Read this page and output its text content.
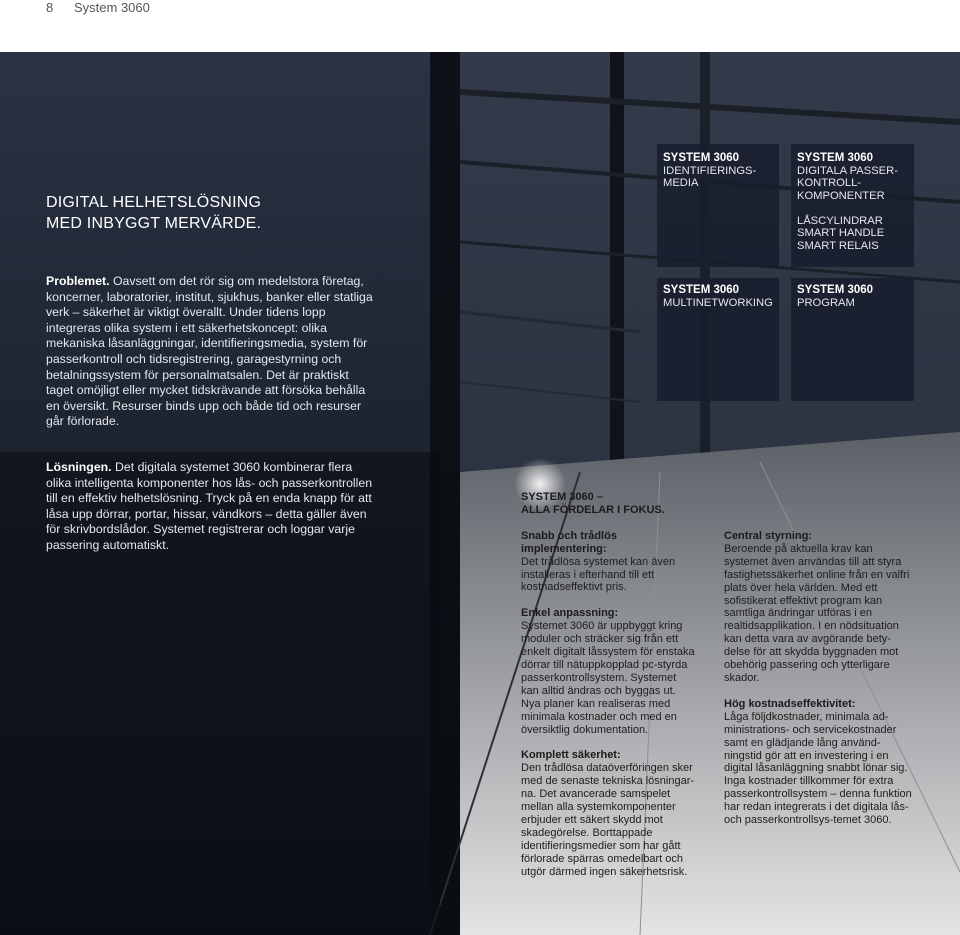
8 System 3060
DIGITAL HELHETSLÖSNING
MED INBYGGT MERVÄRDE.
Problemet. Oavsett om det rör sig om medelstora företag, koncerner, laboratorier, institut, sjukhus, banker eller statliga verk – säkerhet är viktigt överallt. Under tidens lopp integreras olika system i ett säkerhetskoncept: olika mekaniska låsanläggningar, identifieringsmedia, system för passerkontroll och tidsregistrering, garagestyrning och betalningssystem för personalmatsalen. Det är praktiskt taget omöjligt eller mycket tidskrävande att försöka behålla en översikt. Resurser binds upp och både tid och resurser går förlorade.
Lösningen. Det digitala systemet 3060 kombinerar flera olika intelligenta komponenter hos lås- och passerkontrollen till en effektiv helhetslösning. Tryck på en enda knapp för att låsa upp dörrar, portar, hissar, vändkors – detta gäller även för skrivbordslådor. Systemet registrerar och loggar varje passering automatiskt.
SYSTEM 3060
IDENTIFIERINGS-
MEDIA
SYSTEM 3060
DIGITALA PASSER-
KONTROLL-
KOMPONENTER
LÅSCYLINDRAR
SMART HANDLE
SMART RELAIS
SYSTEM 3060
MULTINETWORKING
SYSTEM 3060
PROGRAM
SYSTEM 3060 –
ALLA FÖRDELAR I FOKUS.

Snabb och trådlös implementering:
Det trådlösa systemet kan även installeras i efterhand till ett kostnadseffektivt pris.

Enkel anpassning:
Systemet 3060 är uppbyggt kring moduler och sträcker sig från ett enkelt digitalt låssystem för enstaka dörrar till nätuppkopplad pc-styrda passerkontrollsystem. Systemet kan alltid ändras och byggas ut. Nya planer kan realiseras med minimala kostnader och med en översiktlig dokumentation.

Komplett säkerhet:
Den trådlösa dataöverföringen sker med de senaste tekniska lösningar-na. Det avancerade samspelet mellan alla systemkomponenter erbjuder ett säkert skydd mot skadegörelse. Borttappade identifieringsmedier som har gått förlorade spärras omedelbart och utgör därmed ingen säkerhetsrisk.

Central styrning:
Beroende på aktuella krav kan systemet även användas till att styra fastighetssäkerhet online från en valfri plats över hela världen. Med ett sofistikerat effektivt program kan samtliga ändringar utföras i en realtidsapplikation. I en nödsituation kan detta vara av avgörande bety-delse för att skydda byggnaden mot obehörig passering och ytterligare skador.

Hög kostnadseffektivitet:
Låga följdkostnader, minimala ad-ministrations- och servicekostnader samt en glädjande lång använd-ningstid gör att en investering i en digital låsanläggning snabbt lönar sig. Inga kostnader tillkommer för extra passerkontrollsystem – denna funktion har redan integrerats i det digitala lås- och passerkontrollsys-temet 3060.
